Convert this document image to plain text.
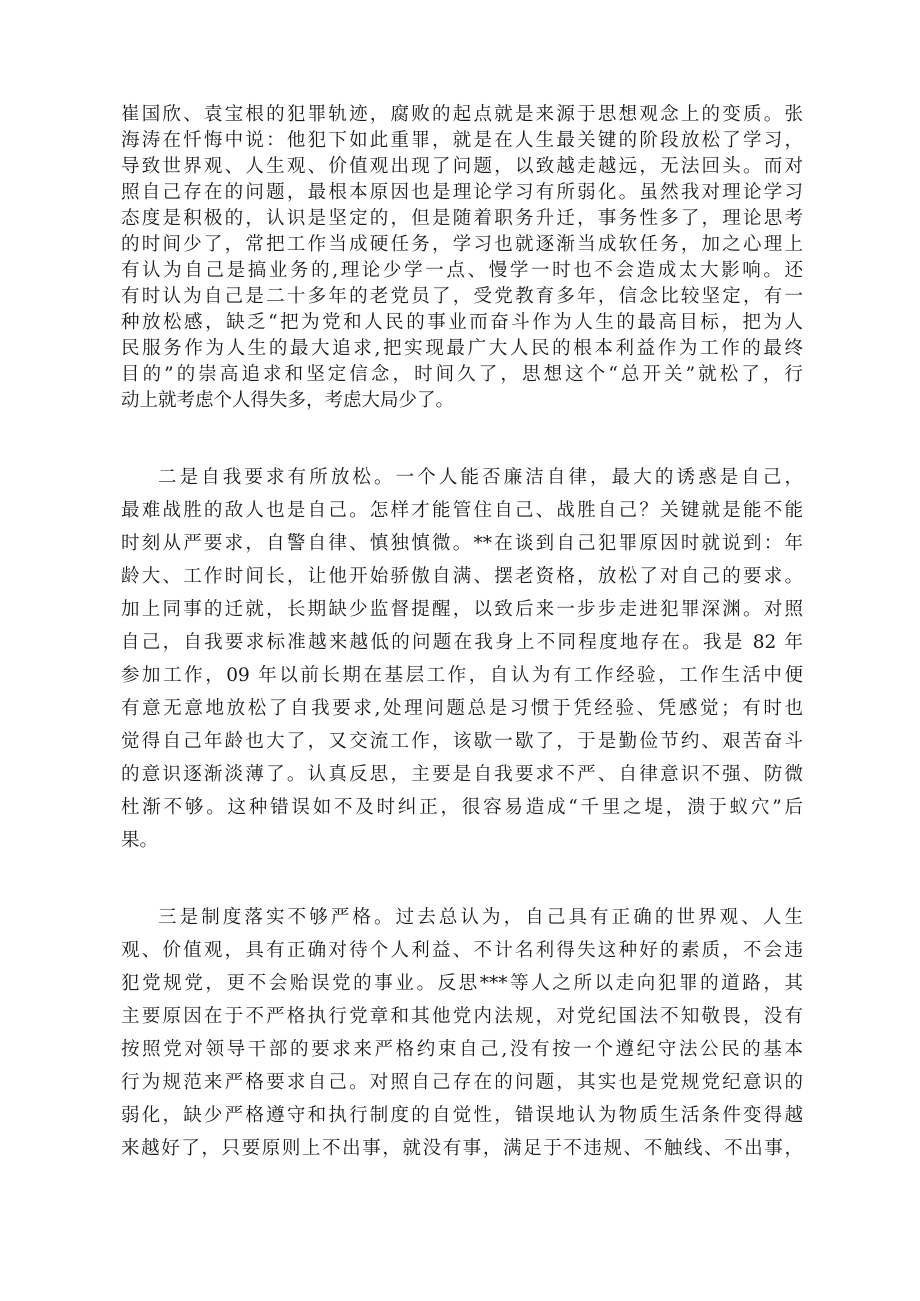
崔国欣、袁宝根的犯罪轨迹，腐败的起点就是来源于思想观念上的变质。张

海涛在忏悔中说：他犯下如此重罪，就是在人生最关键的阶段放松了学习，

导致世界观、人生观、价值观出现了问题，以致越走越远，无法回头。而对

照自己存在的问题，最根本原因也是理论学习有所弱化。虽然我对理论学习

态度是积极的，认识是坚定的，但是随着职务升迁，事务性多了，理论思考

的时间少了，常把工作当成硬任务，学习也就逐渐当成软任务，加之心理上

有认为自己是搞业务的,理论少学一点、慢学一时也不会造成太大影响。还

有时认为自己是二十多年的老党员了，受党教育多年，信念比较坚定，有一

种放松感，缺乏“把为党和人民的事业而奋斗作为人生的最高目标，把为人

民服务作为人生的最大追求,把实现最广大人民的根本利益作为工作的最终

目的”的崇高追求和坚定信念，时间久了，思想这个“总开关”就松了，行

动上就考虑个人得失多，考虑大局少了。

二是自我要求有所放松。一个人能否廉洁自律，最大的诱惑是自己，

最难战胜的敌人也是自己。怎样才能管住自己、战胜自己？关键就是能不能

时刻从严要求，自警自律、慎独慎微。**在谈到自己犯罪原因时就说到：年

龄大、工作时间长，让他开始骄傲自满、摆老资格，放松了对自己的要求。

加上同事的迁就，长期缺少监督提醒，以致后来一步步走进犯罪深渊。对照

自己，自我要求标准越来越低的问题在我身上不同程度地存在。我是 82 年

参加工作，09 年以前长期在基层工作，自认为有工作经验，工作生活中便

有意无意地放松了自我要求,处理问题总是习惯于凭经验、凭感觉；有时也

觉得自己年龄也大了，又交流工作，该歇一歇了，于是勤俭节约、艰苦奋斗

的意识逐渐淡薄了。认真反思，主要是自我要求不严、自律意识不强、防微

杜渐不够。这种错误如不及时纠正，很容易造成“千里之堤，溃于蚁穴”后

果。

三是制度落实不够严格。过去总认为，自己具有正确的世界观、人生

观、价值观，具有正确对待个人利益、不计名利得失这种好的素质，不会违

犯党规党，更不会贻误党的事业。反思***等人之所以走向犯罪的道路，其

主要原因在于不严格执行党章和其他党内法规，对党纪国法不知敬畏，没有

按照党对领导干部的要求来严格约束自己,没有按一个遵纪守法公民的基本

行为规范来严格要求自己。对照自己存在的问题，其实也是党规党纪意识的

弱化，缺少严格遵守和执行制度的自觉性，错误地认为物质生活条件变得越

来越好了，只要原则上不出事，就没有事，满足于不违规、不触线、不出事，
